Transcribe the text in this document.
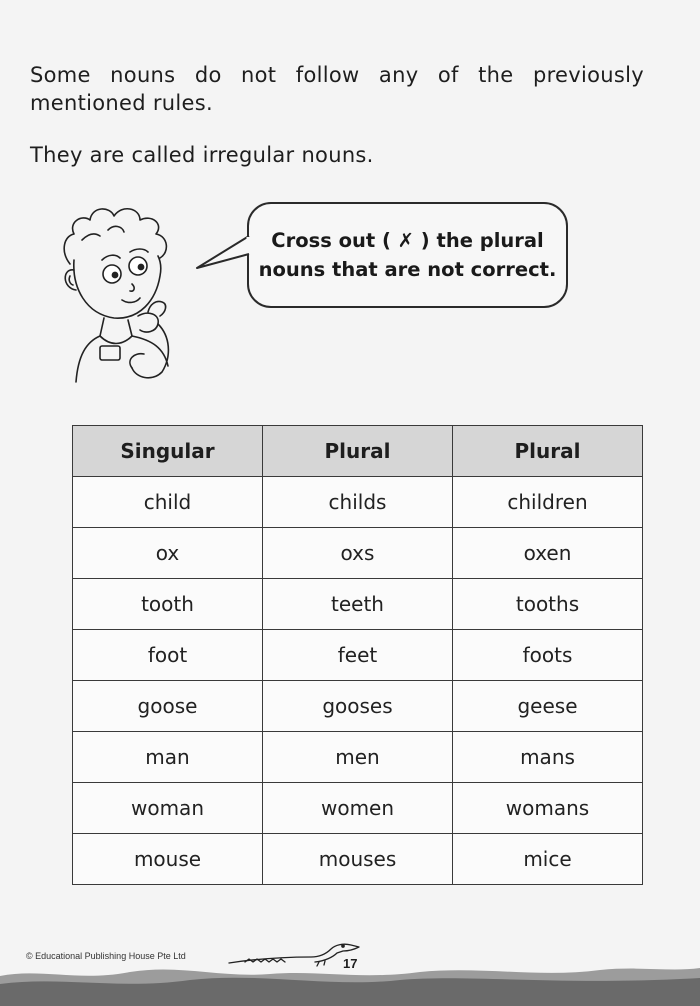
Some nouns do not follow any of the previously mentioned rules.
They are called irregular nouns.
Cross out ( ✗ ) the plural
nouns that are not correct.
Singular	Plural	Plural
child	childs	children
ox	oxs	oxen
tooth	teeth	tooths
foot	feet	foots
goose	gooses	geese
man	men	mans
woman	women	womans
mouse	mouses	mice
© Educational Publishing House Pte Ltd	17
